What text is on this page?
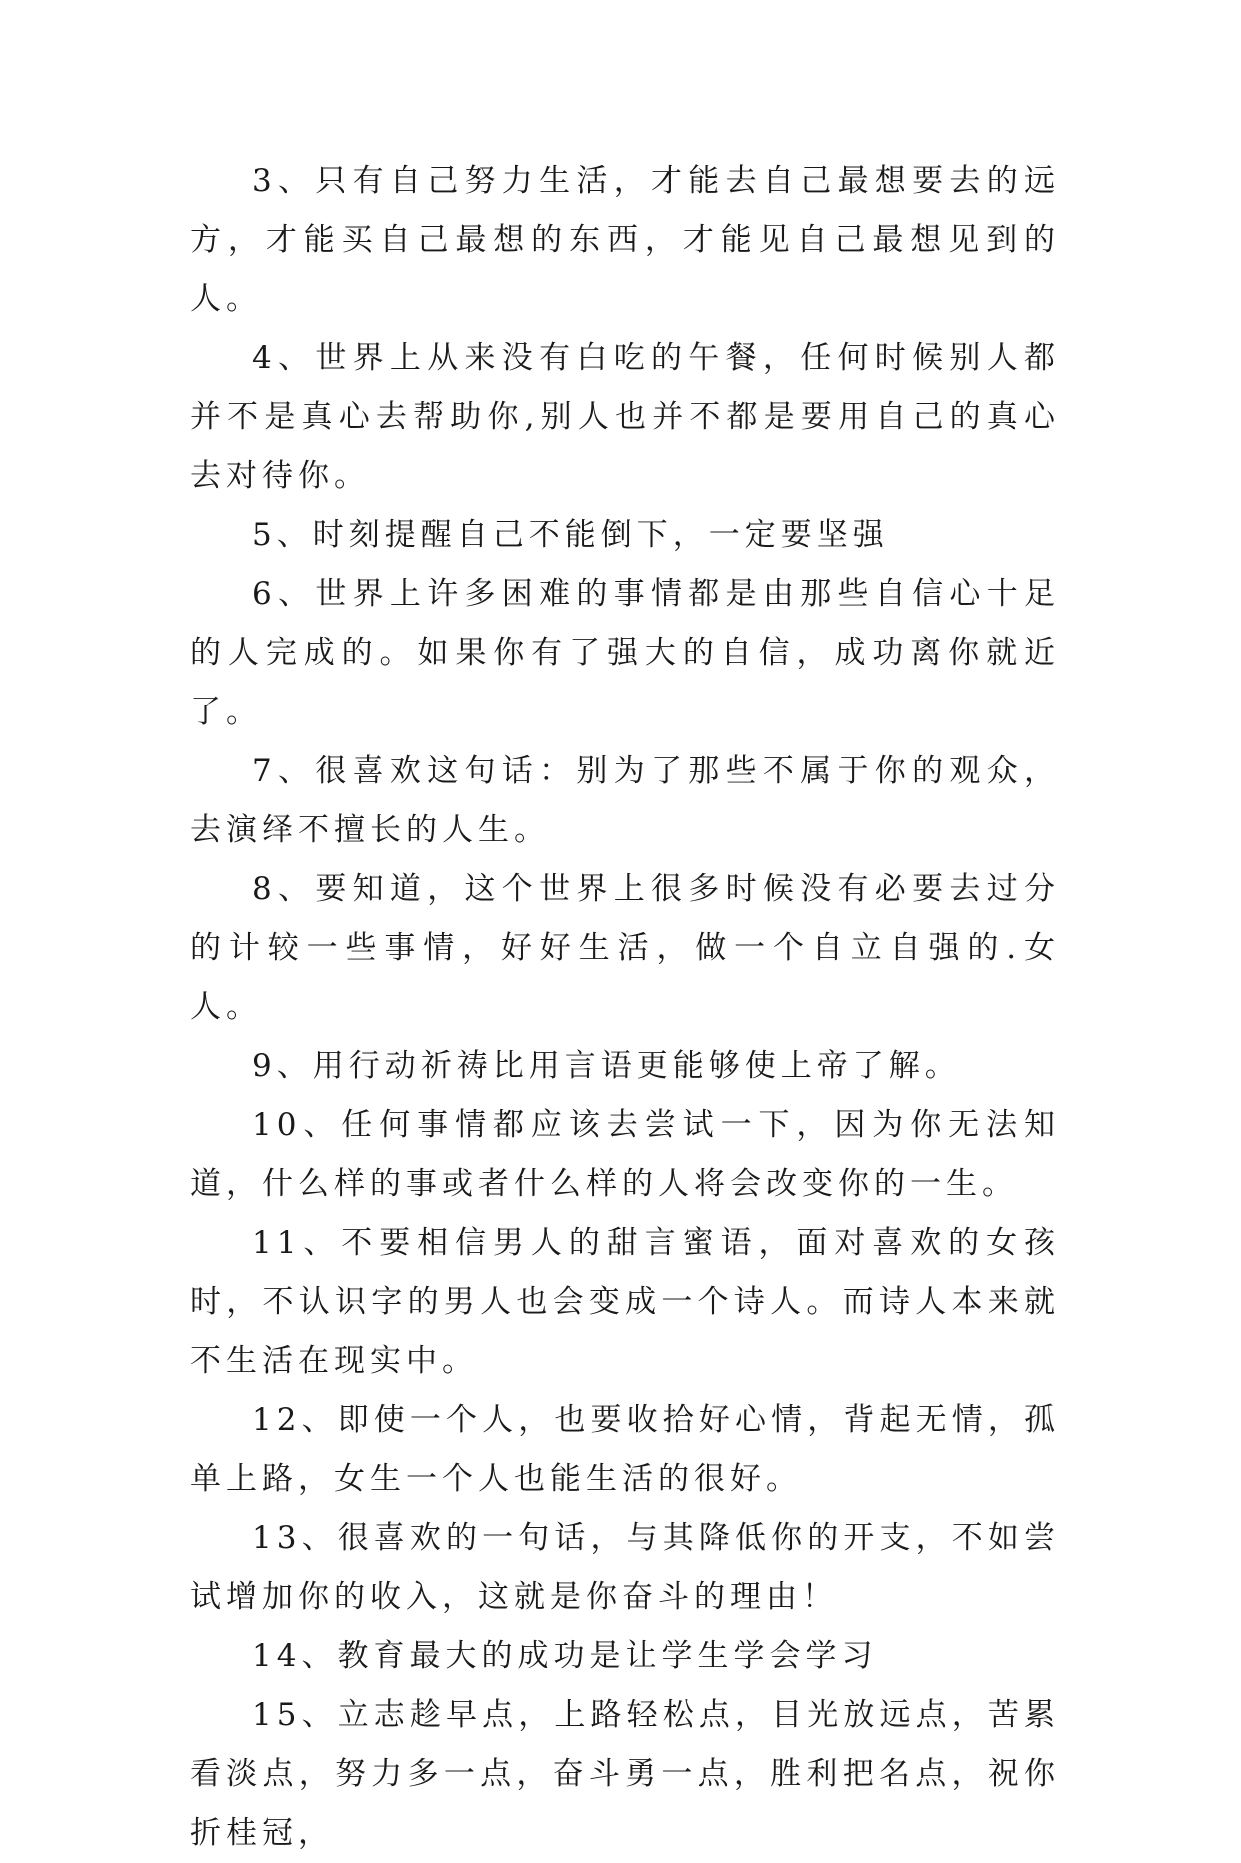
3、只有自己努力生活，才能去自己最想要去的远方，才能买自己最想的东西，才能见自己最想见到的人。

4、世界上从来没有白吃的午餐，任何时候别人都并不是真心去帮助你,别人也并不都是要用自己的真心去对待你。

5、时刻提醒自己不能倒下，一定要坚强

6、世界上许多困难的事情都是由那些自信心十足的人完成的。如果你有了强大的自信，成功离你就近了。

7、很喜欢这句话：别为了那些不属于你的观众，去演绎不擅长的人生。

8、要知道，这个世界上很多时候没有必要去过分的计较一些事情，好好生活，做一个自立自强的.女人。

9、用行动祈祷比用言语更能够使上帝了解。

10、任何事情都应该去尝试一下，因为你无法知道，什么样的事或者什么样的人将会改变你的一生。

11、不要相信男人的甜言蜜语，面对喜欢的女孩时，不认识字的男人也会变成一个诗人。而诗人本来就不生活在现实中。

12、即使一个人，也要收拾好心情，背起无情，孤单上路，女生一个人也能生活的很好。

13、很喜欢的一句话，与其降低你的开支，不如尝试增加你的收入，这就是你奋斗的理由！

14、教育最大的成功是让学生学会学习

15、立志趁早点，上路轻松点，目光放远点，苦累看淡点，努力多一点，奋斗勇一点，胜利把名点，祝你折桂冠，
